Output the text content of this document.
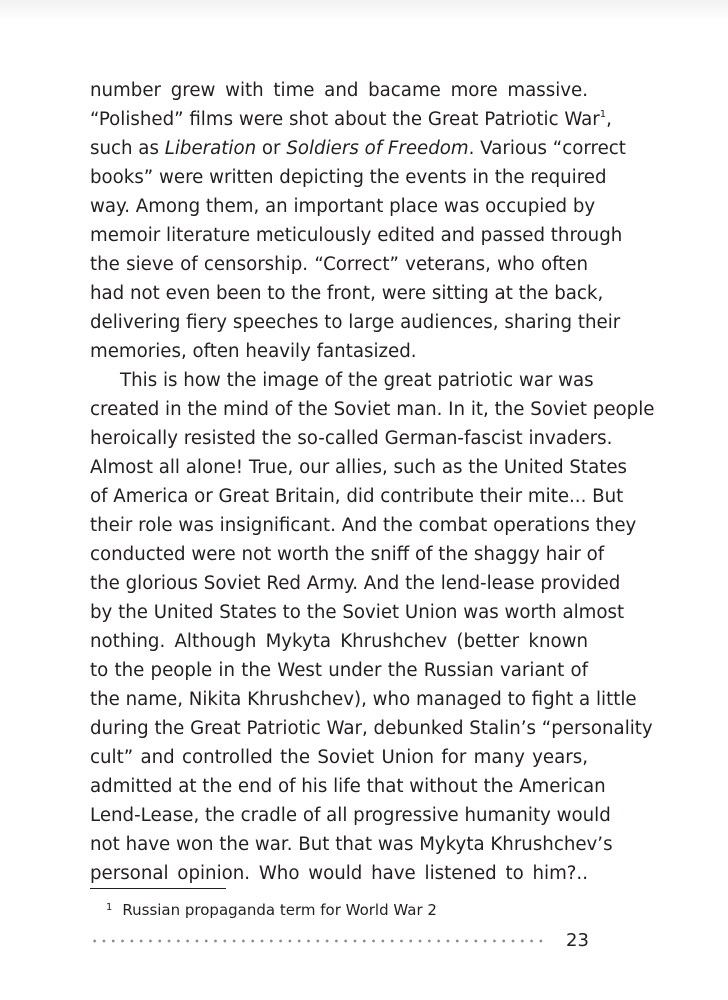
number grew with time and bacame more massive.
“Polished” films were shot about the Great Patriotic War$^1$,
such as Liberation or Soldiers of Freedom. Various “correct
books” were written depicting the events in the required
way. Among them, an important place was occupied by
memoir literature meticulously edited and passed through
the sieve of censorship. “Correct” veterans, who often
had not even been to the front, were sitting at the back,
delivering fiery speeches to large audiences, sharing their
memories, often heavily fantasized.
This is how the image of the great patriotic war was
created in the mind of the Soviet man. In it, the Soviet people
heroically resisted the so-called German-fascist invaders.
Almost all alone! True, our allies, such as the United States
of America or Great Britain, did contribute their mite... But
their role was insignificant. And the combat operations they
conducted were not worth the sniff of the shaggy hair of
the glorious Soviet Red Army. And the lend-lease provided
by the United States to the Soviet Union was worth almost
nothing. Although Mykyta Khrushchev (better known
to the people in the West under the Russian variant of
the name, Nikita Khrushchev), who managed to fight a little
during the Great Patriotic War, debunked Stalin’s “personality
cult” and controlled the Soviet Union for many years,
admitted at the end of his life that without the American
Lend-Lease, the cradle of all progressive humanity would
not have won the war. But that was Mykyta Khrushchev’s
personal opinion. Who would have listened to him?..
$^1$ Russian propaganda term for World War 2
23
